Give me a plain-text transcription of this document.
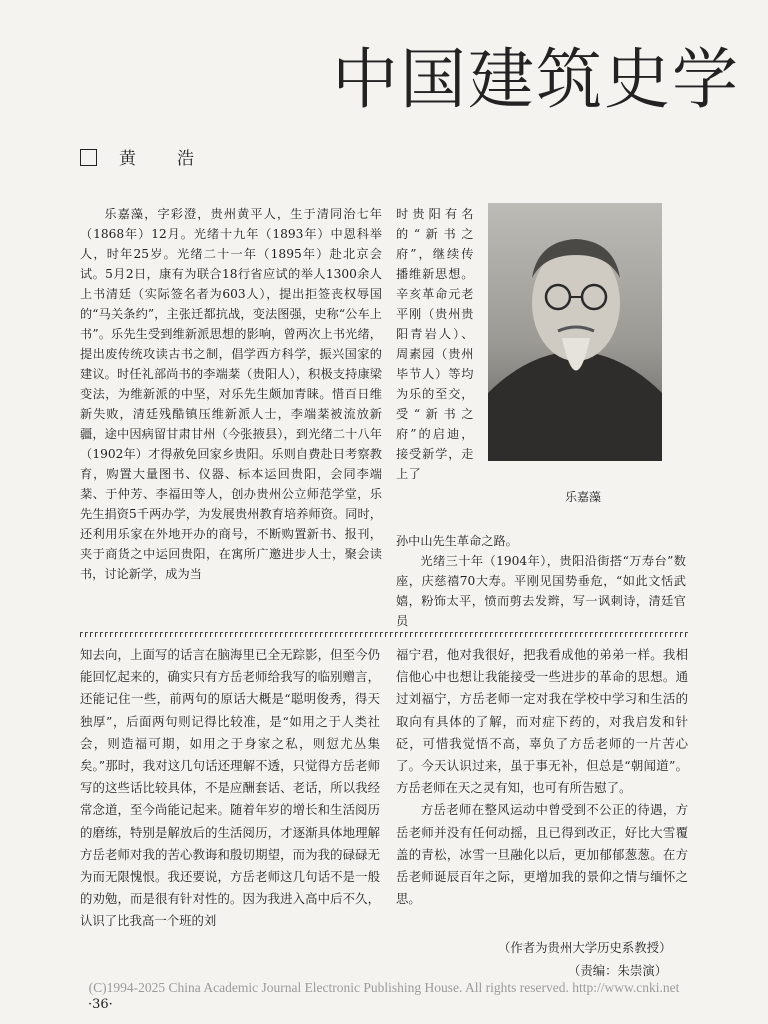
中国建筑史学
黄　浩

乐嘉藻，字彩澄，贵州黄平人，生于清同治七年（1868年）12月。光绪十九年（1893年）中恩科举人，时年25岁。光绪二十一年（1895年）赴北京会试。5月2日，康有为联合18行省应试的举人1300余人上书清廷（实际签名者为603人），提出拒签丧权辱国的“马关条约”，主张迁都抗战，变法图强，史称“公车上书”。乐先生受到维新派思想的影响，曾两次上书光绪，提出废传统攻读古书之制，倡学西方科学，振兴国家的建议。时任礼部尚书的李端棻（贵阳人），积极支持康梁变法，为维新派的中坚，对乐先生颇加青睐。惜百日维新失败，清廷残酷镇压维新派人士，李端棻被流放新疆，途中因病留甘肃甘州（今张掖县），到光绪二十八年（1902年）才得赦免回家乡贵阳。乐则自费赴日考察教育，购置大量图书、仪器、标本运回贵阳，会同李端棻、于仲芳、李福田等人，创办贵州公立师范学堂，乐先生捐资5千两办学，为发展贵州教育培养师资。同时，还利用乐家在外地开办的商号，不断购置新书、报刊，夹于商货之中运回贵阳，在寓所广邀进步人士，聚会读书，讨论新学，成为当

时贵阳有名的“新书之府”，继续传播维新思想。辛亥革命元老平刚（贵州贵阳青岩人）、周素园（贵州毕节人）等均为乐的至交，受“新书之府”的启迪，接受新学，走上了

乐嘉藻

孙中山先生革命之路。

光绪三十年（1904年），贵阳沿街搭“万寿台”数座，庆慈禧70大寿。平刚见国势垂危，“如此文恬武嬉，粉饰太平，愤而剪去发辫，写一讽刺诗，清廷官员

知去向，上面写的话言在脑海里已全无踪影，但至今仍能回忆起来的，确实只有方岳老师给我写的临别赠言，还能记住一些，前两句的原话大概是“聪明俊秀，得天独厚”，后面两句则记得比较准，是“如用之于人类社会，则造福可期，如用之于身家之私，则愆尤丛集矣。”那时，我对这几句话还理解不透，只觉得方岳老师写的这些话比较具体，不是应酬套话、老话，所以我经常念道，至今尚能记起来。随着年岁的增长和生活阅历的磨练，特别是解放后的生活阅历，才逐渐具体地理解方岳老师对我的苦心教诲和殷切期望，而为我的碌碌无为而无限愧恨。我还要说，方岳老师这几句话不是一般的劝勉，而是很有针对性的。因为我进入高中后不久，认识了比我高一个班的刘

福宁君，他对我很好，把我看成他的弟弟一样。我相信他心中也想让我能接受一些进步的革命的思想。通过刘福宁，方岳老师一定对我在学校中学习和生活的取向有具体的了解，而对症下药的，对我启发和针砭，可惜我觉悟不高，辜负了方岳老师的一片苦心了。今天认识过来，虽于事无补，但总是“朝闻道”。方岳老师在天之灵有知，也可有所告慰了。

方岳老师在整风运动中曾受到不公正的待遇，方岳老师并没有任何动摇，且已得到改正，好比大雪覆盖的青松，冰雪一旦融化以后，更加郁郁葱葱。在方岳老师诞辰百年之际，更增加我的景仰之情与缅怀之思。

（作者为贵州大学历史系教授）
（责编：朱崇演）
(C)1994-2025 China Academic Journal Electronic Publishing House. All rights reserved. http://www.cnki.net
·36·
